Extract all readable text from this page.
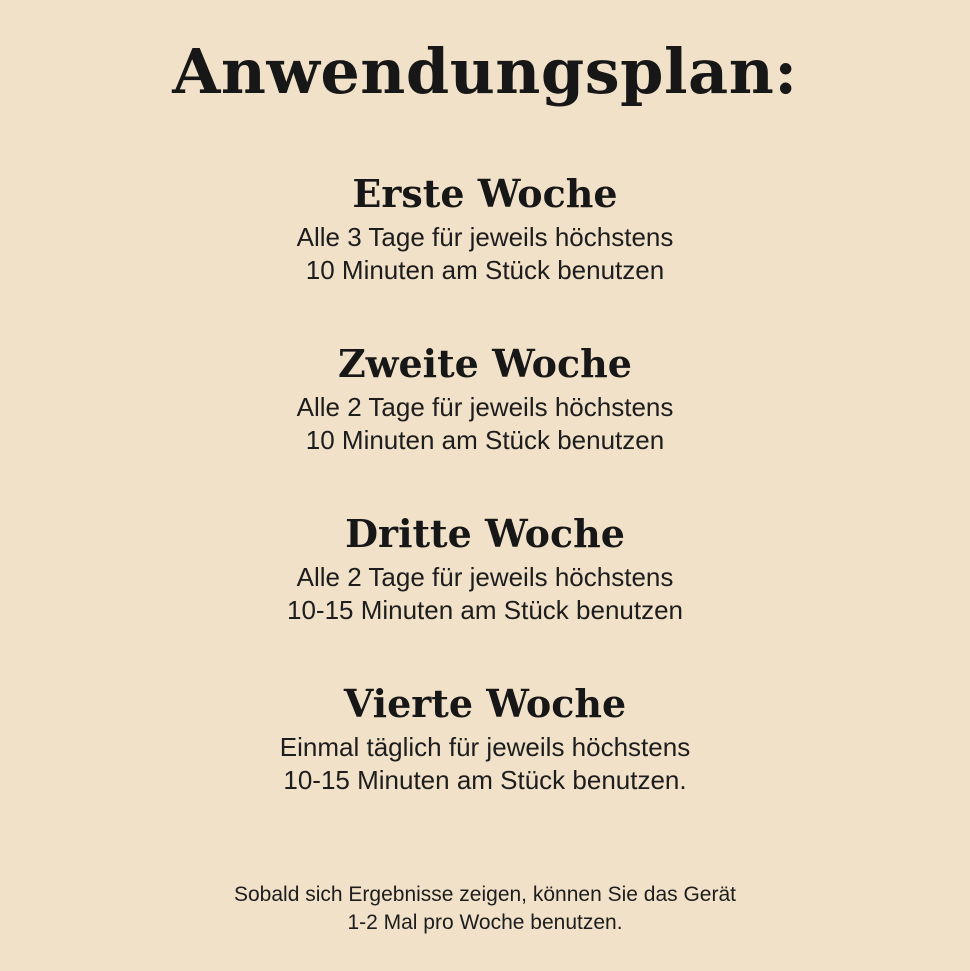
Anwendungsplan:
Erste Woche
Alle 3 Tage für jeweils höchstens
10 Minuten am Stück benutzen
Zweite Woche
Alle 2 Tage für jeweils höchstens
10 Minuten am Stück benutzen
Dritte Woche
Alle 2 Tage für jeweils höchstens
10-15 Minuten am Stück benutzen
Vierte Woche
Einmal täglich für jeweils höchstens
10-15 Minuten am Stück benutzen.
Sobald sich Ergebnisse zeigen, können Sie das Gerät
1-2 Mal pro Woche benutzen.
